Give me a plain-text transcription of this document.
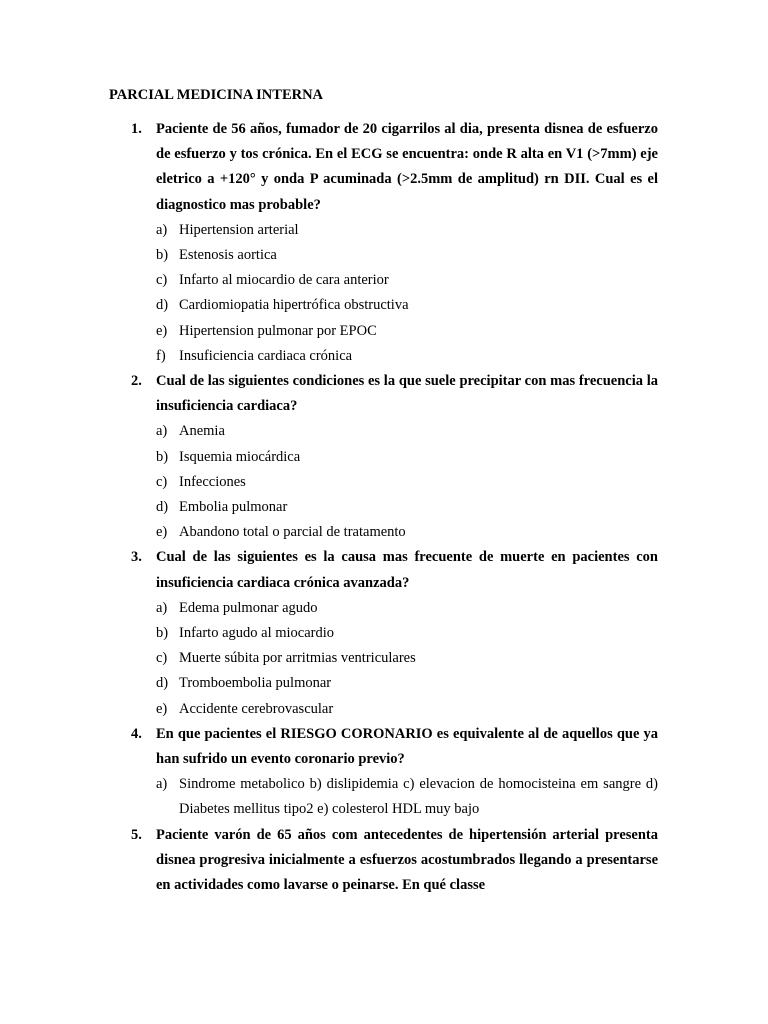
PARCIAL MEDICINA INTERNA
1. Paciente de 56 años, fumador de 20 cigarrilos al dia, presenta disnea de esfuerzo de esfuerzo y tos crónica. En el ECG se encuentra: onde R alta en V1 (>7mm) eje eletrico a +120° y onda P acuminada (>2.5mm de amplitud) rn DII. Cual es el diagnostico mas probable?
a) Hipertension arterial
b) Estenosis aortica
c) Infarto al miocardio de cara anterior
d) Cardiomiopatia hipertrófica obstructiva
e) Hipertension pulmonar por EPOC
f) Insuficiencia cardiaca crónica
2. Cual de las siguientes condiciones es la que suele precipitar con mas frecuencia la insuficiencia cardiaca?
a) Anemia
b) Isquemia miocárdica
c) Infecciones
d) Embolia pulmonar
e) Abandono total o parcial de tratamento
3. Cual de las siguientes es la causa mas frecuente de muerte en pacientes con insuficiencia cardiaca crónica avanzada?
a) Edema pulmonar agudo
b) Infarto agudo al miocardio
c) Muerte súbita por arritmias ventriculares
d) Tromboembolia pulmonar
e) Accidente cerebrovascular
4. En que pacientes el RIESGO CORONARIO es equivalente al de aquellos que ya han sufrido un evento coronario previo?
a) Sindrome metabolico b) dislipidemia c) elevacion de homocisteina em sangre d) Diabetes mellitus tipo2 e) colesterol HDL muy bajo
5. Paciente varón de 65 años com antecedentes de hipertensión arterial presenta disnea progresiva inicialmente a esfuerzos acostumbrados llegando a presentarse en actividades como lavarse o peinarse. En qué classe
